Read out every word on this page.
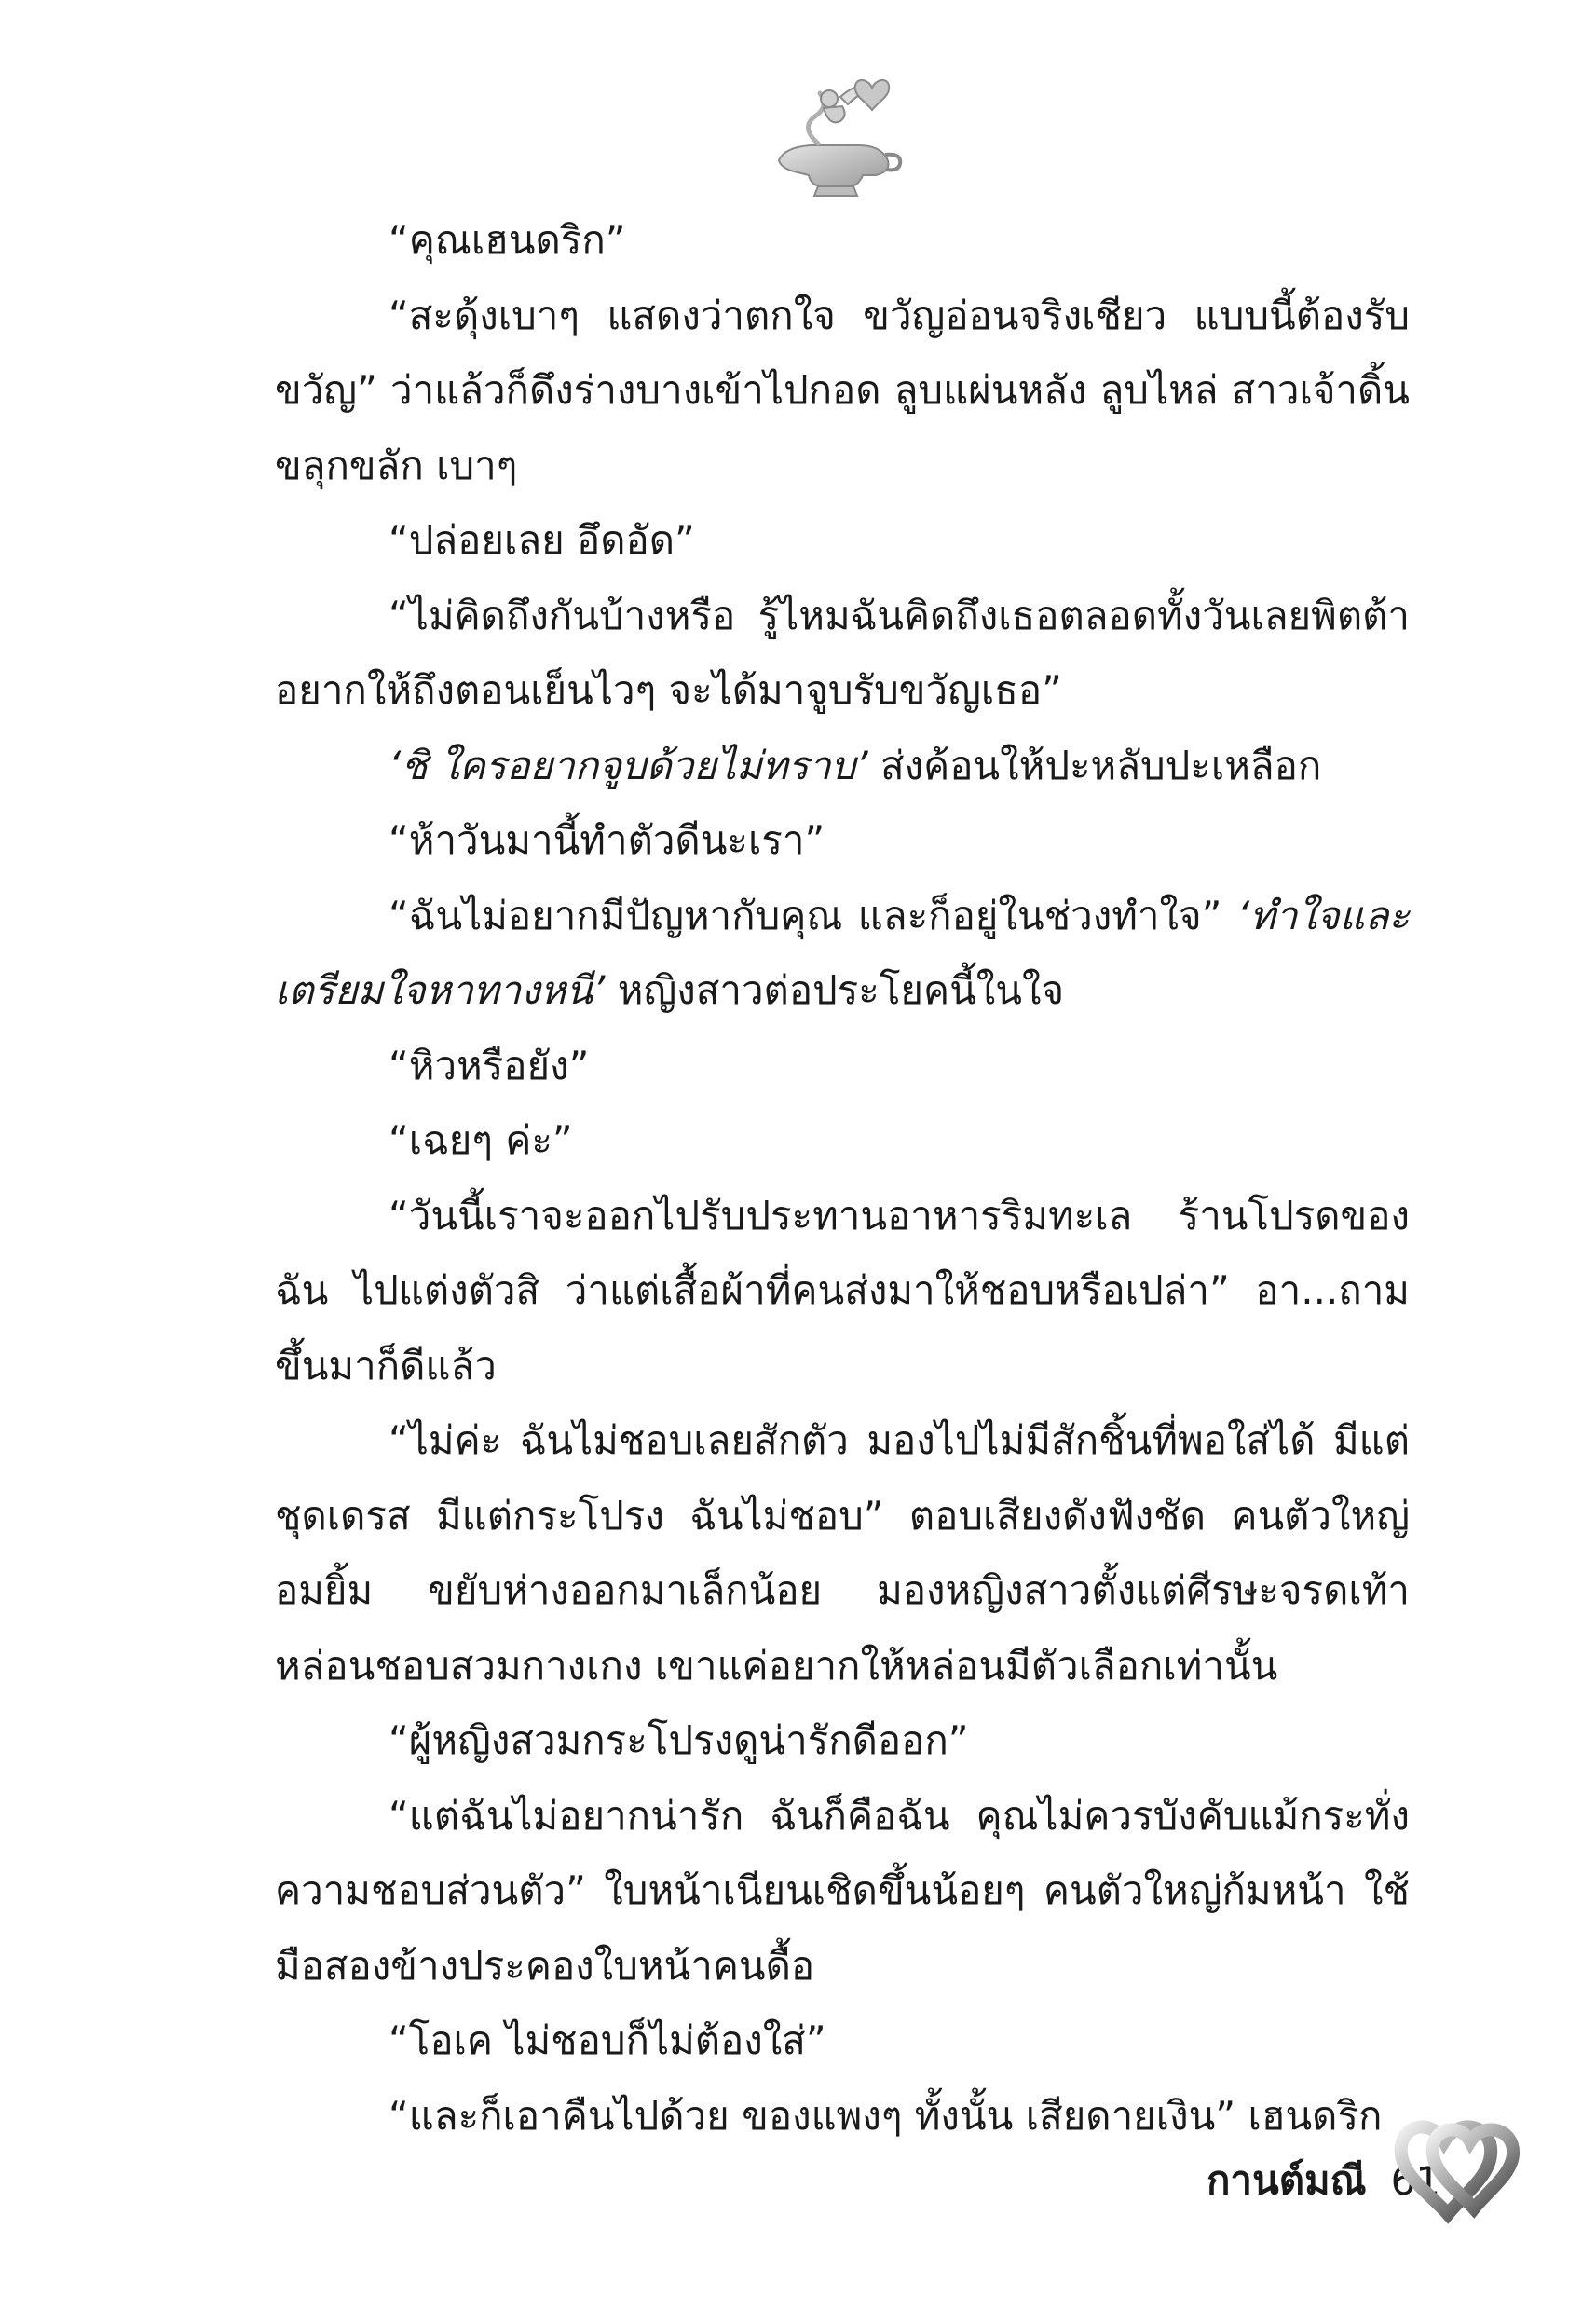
“คุณเฮนดริก”

“สะดุ้งเบาๆ แสดงว่าตกใจ ขวัญอ่อนจริงเชียว แบบนี้ต้องรับขวัญ” ว่าแล้วก็ดึงร่างบางเข้าไปกอด ลูบแผ่นหลัง ลูบไหล่ สาวเจ้าดิ้นขลุกขลัก เบาๆ

“ปล่อยเลย อึดอัด”

“ไม่คิดถึงกันบ้างหรือ รู้ไหมฉันคิดถึงเธอตลอดทั้งวันเลยพิตต้า อยากให้ถึงตอนเย็นไวๆ จะได้มาจูบรับขวัญเธอ”

‘ชิ ใครอยากจูบด้วยไม่ทราบ’ ส่งค้อนให้ปะหลับปะเหลือก

“ห้าวันมานี้ทำตัวดีนะเรา”

“ฉันไม่อยากมีปัญหากับคุณ และก็อยู่ในช่วงทำใจ” ‘ทำใจและเตรียมใจหาทางหนี’ หญิงสาวต่อประโยคนี้ในใจ

“หิวหรือยัง”

“เฉยๆ ค่ะ”

“วันนี้เราจะออกไปรับประทานอาหารริมทะเล ร้านโปรดของฉัน ไปแต่งตัวสิ ว่าแต่เสื้อผ้าที่คนส่งมาให้ชอบหรือเปล่า” อา...ถามขึ้นมาก็ดีแล้ว

“ไม่ค่ะ ฉันไม่ชอบเลยสักตัว มองไปไม่มีสักชิ้นที่พอใส่ได้ มีแต่ชุดเดรส มีแต่กระโปรง ฉันไม่ชอบ” ตอบเสียงดังฟังชัด คนตัวใหญ่อมยิ้ม ขยับห่างออกมาเล็กน้อย มองหญิงสาวตั้งแต่ศีรษะจรดเท้า หล่อนชอบสวมกางเกง เขาแค่อยากให้หล่อนมีตัวเลือกเท่านั้น

“ผู้หญิงสวมกระโปรงดูน่ารักดีออก”

“แต่ฉันไม่อยากน่ารัก ฉันก็คือฉัน คุณไม่ควรบังคับแม้กระทั่งความชอบส่วนตัว” ใบหน้าเนียนเชิดขึ้นน้อยๆ คนตัวใหญ่ก้มหน้า ใช้มือสองข้างประคองใบหน้าคนดื้อ

“โอเค ไม่ชอบก็ไม่ต้องใส่”

“และก็เอาคืนไปด้วย ของแพงๆ ทั้งนั้น เสียดายเงิน” เฮนดริก

กานต์มณี 61
